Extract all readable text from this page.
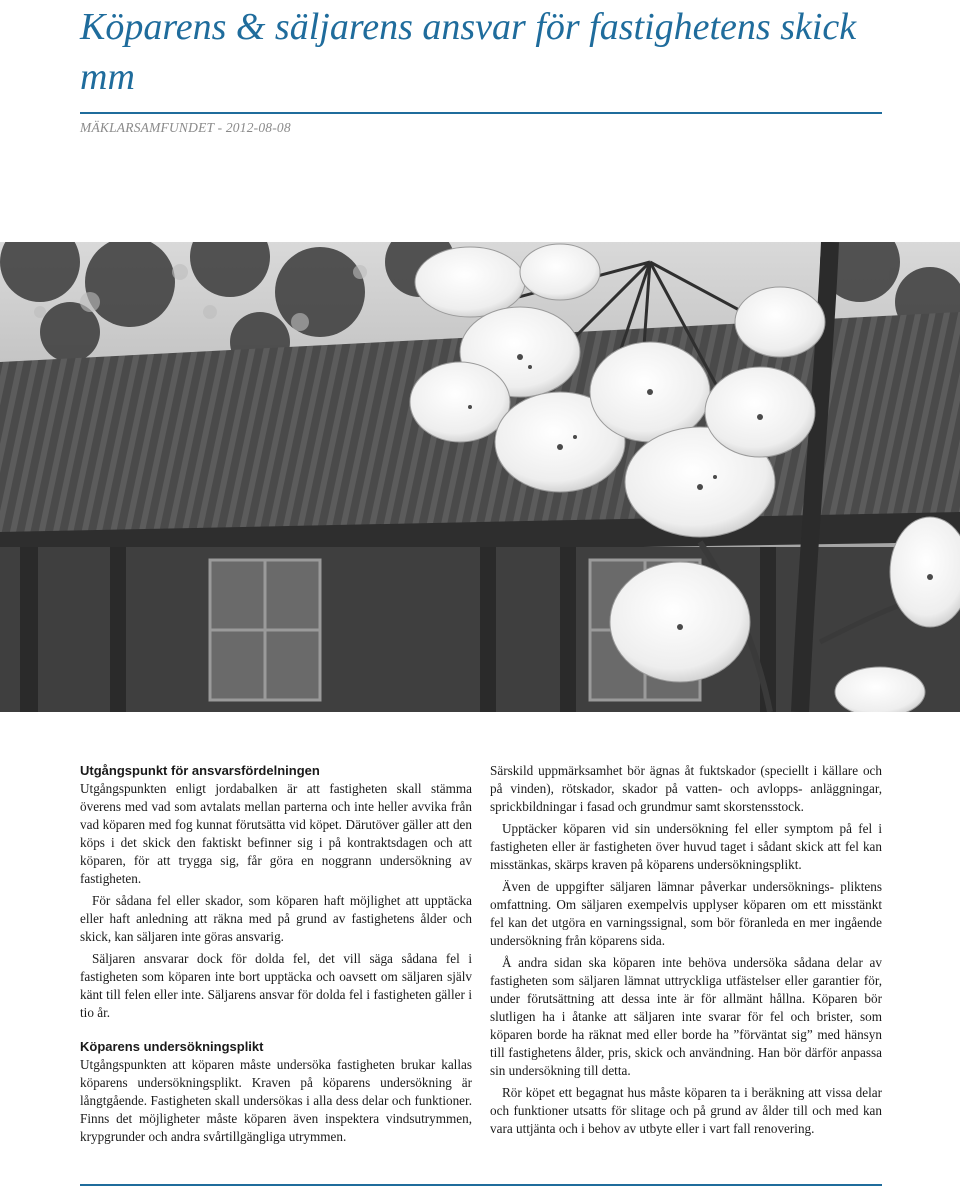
Köparens & säljarens ansvar för fastighetens skick mm
MÄKLARSAMFUNDET - 2012-08-08
Utgångspunkt för ansvarsfördelningen

Utgångspunkten enligt jordabalken är att fastigheten skall stämma överens med vad som avtalats mellan parterna och inte heller avvika från vad köparen med fog kunnat förutsätta vid köpet. Därutöver gäller att den köps i det skick den faktiskt befinner sig i på kontraktsdagen och att köparen, för att trygga sig, får göra en noggrann undersökning av fastigheten.

För sådana fel eller skador, som köparen haft möjlighet att upptäcka eller haft anledning att räkna med på grund av fastighetens ålder och skick, kan säljaren inte göras ansvarig.

Säljaren ansvarar dock för dolda fel, det vill säga sådana fel i fastigheten som köparen inte bort upptäcka och oavsett om säljaren själv känt till felen eller inte. Säljarens ansvar för dolda fel i fastigheten gäller i tio år.

Köparens undersökningsplikt

Utgångspunkten att köparen måste undersöka fastigheten brukar kallas köparens undersökningsplikt. Kraven på köparens undersökning är långtgående. Fastigheten skall undersökas i alla dess delar och funktioner. Finns det möjligheter måste köparen även inspektera vindsutrymmen, krypgrunder och andra svårtillgängliga utrymmen.

Särskild uppmärksamhet bör ägnas åt fuktskador (speciellt i källare och på vinden), rötskador, skador på vatten- och avlopps- anläggningar, sprickbildningar i fasad och grundmur samt skorstensstock.

Upptäcker köparen vid sin undersökning fel eller symptom på fel i fastigheten eller är fastigheten över huvud taget i sådant skick att fel kan misstänkas, skärps kraven på köparens undersökningsplikt.

Även de uppgifter säljaren lämnar påverkar undersöknings- pliktens omfattning. Om säljaren exempelvis upplyser köparen om ett misstänkt fel kan det utgöra en varningssignal, som bör föranleda en mer ingående undersökning från köparens sida.

Å andra sidan ska köparen inte behöva undersöka sådana delar av fastigheten som säljaren lämnat uttryckliga utfästelser eller garantier för, under förutsättning att dessa inte är för allmänt hållna. Köparen bör slutligen ha i åtanke att säljaren inte svarar för fel och brister, som köparen borde ha räknat med eller borde ha ”förväntat sig” med hänsyn till fastighetens ålder, pris, skick och användning. Han bör därför anpassa sin undersökning till detta.

Rör köpet ett begagnat hus måste köparen ta i beräkning att vissa delar och funktioner utsatts för slitage och på grund av ålder till och med kan vara uttjänta och i behov av utbyte eller i vart fall renovering.
